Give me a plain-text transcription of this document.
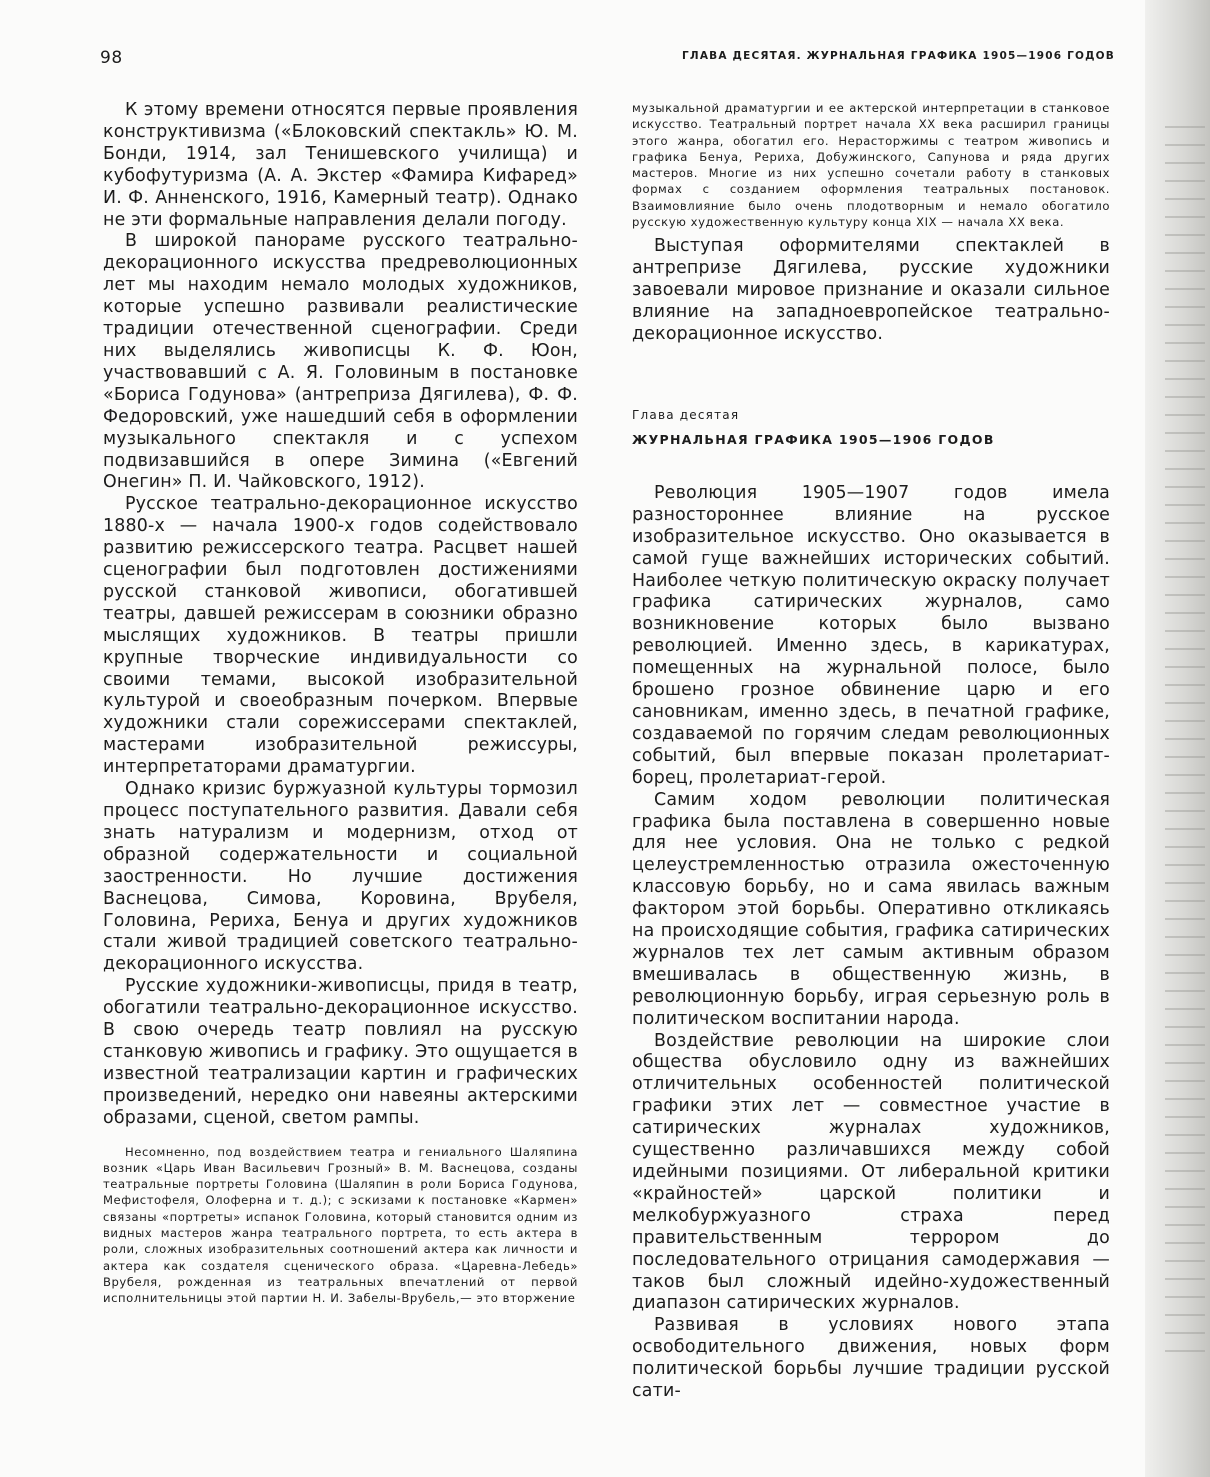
98	ГЛАВА ДЕСЯТАЯ. ЖУРНАЛЬНАЯ ГРАФИКА 1905—1906 ГОДОВ

К этому времени относятся первые проявления конструктивизма («Блоковский спектакль» Ю. М. Бонди, 1914, зал Тенишевского училища) и кубофутуризма (А. А. Экстер «Фамира Кифаред» И. Ф. Анненского, 1916, Камерный театр). Однако не эти формальные направления делали погоду.

В широкой панораме русского театрально-декорационного искусства предреволюционных лет мы находим немало молодых художников, которые успешно развивали реалистические традиции отечественной сценографии. Среди них выделялись живописцы К. Ф. Юон, участвовавший с А. Я. Головиным в постановке «Бориса Годунова» (антреприза Дягилева), Ф. Ф. Федоровский, уже нашедший себя в оформлении музыкального спектакля и с успехом подвизавшийся в опере Зимина («Евгений Онегин» П. И. Чайковского, 1912).

Русское театрально-декорационное искусство 1880-х — начала 1900-х годов содействовало развитию режиссерского театра. Расцвет нашей сценографии был подготовлен достижениями русской станковой живописи, обогатившей театры, давшей режиссерам в союзники образно мыслящих художников. В театры пришли крупные творческие индивидуальности со своими темами, высокой изобразительной культурой и своеобразным почерком. Впервые художники стали сорежиссерами спектаклей, мастерами изобразительной режиссуры, интерпретаторами драматургии.

Однако кризис буржуазной культуры тормозил процесс поступательного развития. Давали себя знать натурализм и модернизм, отход от образной содержательности и социальной заостренности. Но лучшие достижения Васнецова, Симова, Коровина, Врубеля, Головина, Рериха, Бенуа и других художников стали живой традицией советского театрально-декорационного искусства.

Русские художники-живописцы, придя в театр, обогатили театрально-декорационное искусство. В свою очередь театр повлиял на русскую станковую живопись и графику. Это ощущается в известной театрализации картин и графических произведений, нередко они навеяны актерскими образами, сценой, светом рампы.

Несомненно, под воздействием театра и гениального Шаляпина возник «Царь Иван Васильевич Грозный» В. М. Васнецова, созданы театральные портреты Головина (Шаляпин в роли Бориса Годунова, Мефистофеля, Олоферна и т. д.); с эскизами к постановке «Кармен» связаны «портреты» испанок Головина, который становится одним из видных мастеров жанра театрального портрета, то есть актера в роли, сложных изобразительных соотношений актера как личности и актера как создателя сценического образа. «Царевна-Лебедь» Врубеля, рожденная из театральных впечатлений от первой исполнительницы этой партии Н. И. Забелы-Врубель,— это вторжение

музыкальной драматургии и ее актерской интерпретации в станковое искусство. Театральный портрет начала XX века расширил границы этого жанра, обогатил его. Нерасторжимы с театром живопись и графика Бенуа, Рериха, Добужинского, Сапунова и ряда других мастеров. Многие из них успешно сочетали работу в станковых формах с созданием оформления театральных постановок. Взаимовлияние было очень плодотворным и немало обогатило русскую художественную культуру конца XIX — начала XX века.

Выступая оформителями спектаклей в антрепризе Дягилева, русские художники завоевали мировое признание и оказали сильное влияние на западноевропейское театрально-декорационное искусство.

Глава десятая
ЖУРНАЛЬНАЯ ГРАФИКА 1905—1906 ГОДОВ

Революция 1905—1907 годов имела разностороннее влияние на русское изобразительное искусство. Оно оказывается в самой гуще важнейших исторических событий. Наиболее четкую политическую окраску получает графика сатирических журналов, само возникновение которых было вызвано революцией. Именно здесь, в карикатурах, помещенных на журнальной полосе, было брошено грозное обвинение царю и его сановникам, именно здесь, в печатной графике, создаваемой по горячим следам революционных событий, был впервые показан пролетариат-борец, пролетариат-герой.

Самим ходом революции политическая графика была поставлена в совершенно новые для нее условия. Она не только с редкой целеустремленностью отразила ожесточенную классовую борьбу, но и сама явилась важным фактором этой борьбы. Оперативно откликаясь на происходящие события, графика сатирических журналов тех лет самым активным образом вмешивалась в общественную жизнь, в революционную борьбу, играя серьезную роль в политическом воспитании народа.

Воздействие революции на широкие слои общества обусловило одну из важнейших отличительных особенностей политической графики этих лет — совместное участие в сатирических журналах художников, существенно различавшихся между собой идейными позициями. От либеральной критики «крайностей» царской политики и мелкобуржуазного страха перед правительственным террором до последовательного отрицания самодержавия — таков был сложный идейно-художественный диапазон сатирических журналов.

Развивая в условиях нового этапа освободительного движения, новых форм политической борьбы лучшие традиции русской сати-
